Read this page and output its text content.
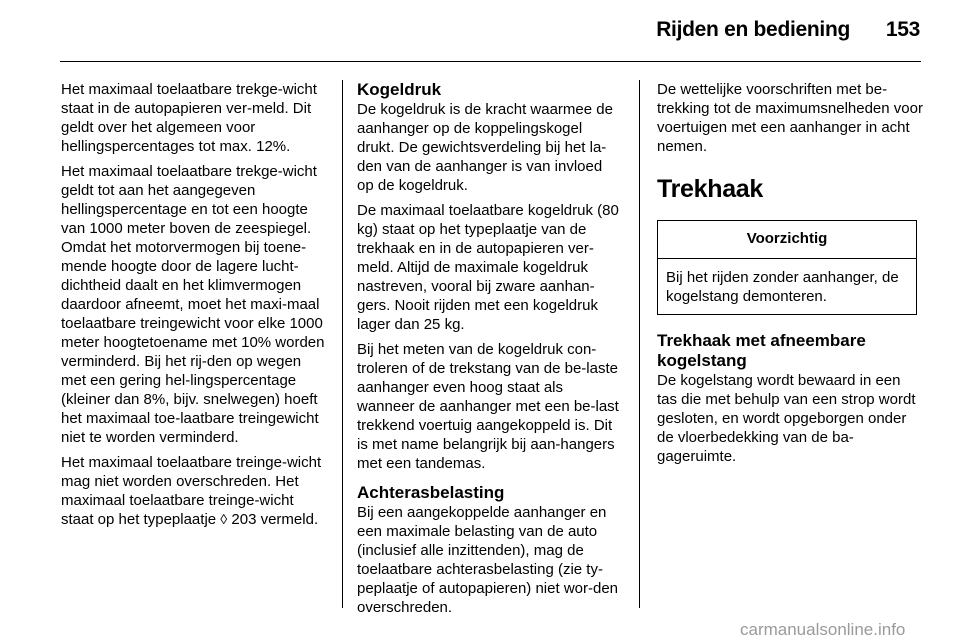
Rijden en bediening 153

Het maximaal toelaatbare trekge-wicht staat in de autopapieren ver-meld. Dit geldt over het algemeen voor hellingspercentages tot max. 12%.

Het maximaal toelaatbare trekge-wicht geldt tot aan het aangegeven hellingspercentage en tot een hoogte van 1000 meter boven de zeespiegel. Omdat het motorvermogen bij toene-mende hoogte door de lagere lucht-dichtheid daalt en het klimvermogen daardoor afneemt, moet het maxi-maal toelaatbare treingewicht voor elke 1000 meter hoogtetoename met 10% worden verminderd. Bij het rij-den op wegen met een gering hel-lingspercentage (kleiner dan 8%, bijv. snelwegen) hoeft het maximaal toe-laatbare treingewicht niet te worden verminderd.

Het maximaal toelaatbare treinge-wicht mag niet worden overschreden. Het maximaal toelaatbare treinge-wicht staat op het typeplaatje ◊ 203 vermeld.

Kogeldruk

De kogeldruk is de kracht waarmee de aanhanger op de koppelingskogel drukt. De gewichtsverdeling bij het la-den van de aanhanger is van invloed op de kogeldruk.

De maximaal toelaatbare kogeldruk (80 kg) staat op het typeplaatje van de trekhaak en in de autopapieren ver-meld. Altijd de maximale kogeldruk nastreven, vooral bij zware aanhan-gers. Nooit rijden met een kogeldruk lager dan 25 kg.

Bij het meten van de kogeldruk con-troleren of de trekstang van de be-laste aanhanger even hoog staat als wanneer de aanhanger met een be-last trekkend voertuig aangekoppeld is. Dit is met name belangrijk bij aan-hangers met een tandemas.

Achterasbelasting

Bij een aangekoppelde aanhanger en een maximale belasting van de auto (inclusief alle inzittenden), mag de toelaatbare achterasbelasting (zie ty-peplaatje of autopapieren) niet wor-den overschreden.

De wettelijke voorschriften met be-trekking tot de maximumsnelheden voor voertuigen met een aanhanger in acht nemen.

Trekhaak
Voorzichtig
Bij het rijden zonder aanhanger, de kogelstang demonteren.
Trekhaak met afneembare kogelstang

De kogelstang wordt bewaard in een tas die met behulp van een strop wordt gesloten, en wordt opgeborgen onder de vloerbedekking van de ba-gageruimte.

carmanualsonline.info
